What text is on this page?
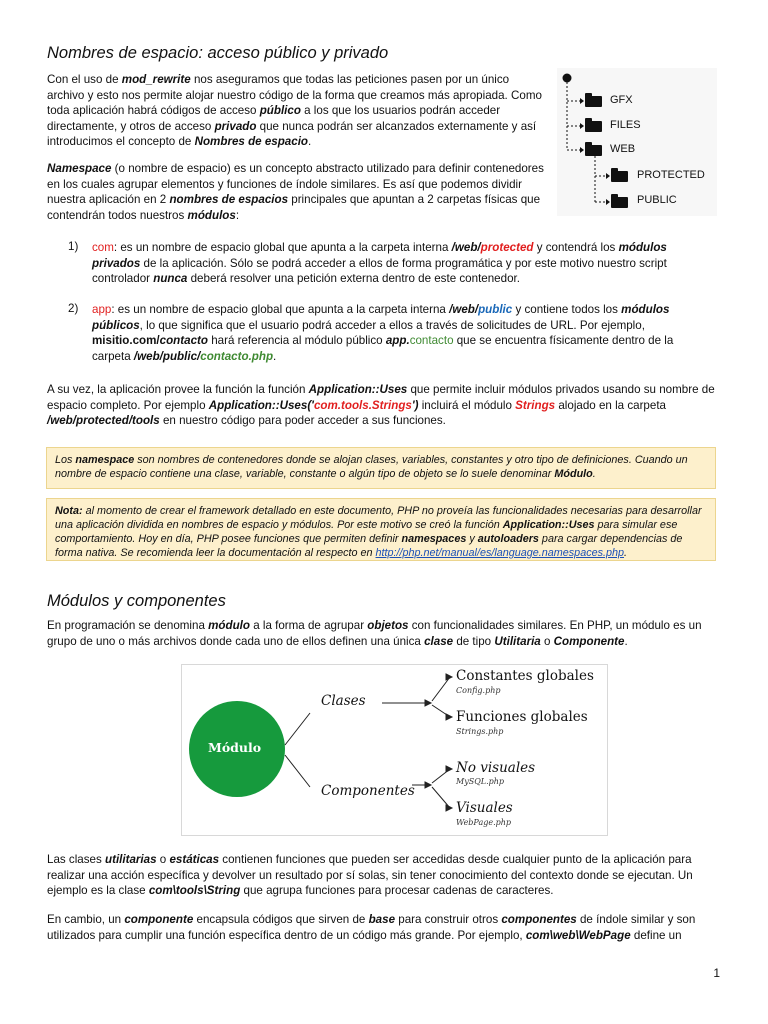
Nombres de espacio: acceso público y privado

Con el uso de mod_rewrite nos aseguramos que todas las peticiones pasen por un único archivo y esto nos permite alojar nuestro código de la forma que creamos más apropiada. Como toda aplicación habrá códigos de acceso público a los que los usuarios podrán acceder directamente, y otros de acceso privado que nunca podrán ser alcanzados externamente y así introducimos el concepto de Nombres de espacio.

Namespace (o nombre de espacio) es un concepto abstracto utilizado para definir contenedores en los cuales agrupar elementos y funciones de índole similares. Es así que podemos dividir nuestra aplicación en 2 nombres de espacios principales que apuntan a 2 carpetas físicas que contendrán todos nuestros módulos:

GFX
FILES
WEB
PROTECTED
PUBLIC
1) com: es un nombre de espacio global que apunta a la carpeta interna /web/protected y contendrá los módulos privados de la aplicación. Sólo se podrá acceder a ellos de forma programática y por este motivo nuestro script controlador nunca deberá resolver una petición externa dentro de este contenedor.

2) app: es un nombre de espacio global que apunta a la carpeta interna /web/public y contiene todos los módulos públicos, lo que significa que el usuario podrá acceder a ellos a través de solicitudes de URL. Por ejemplo, misitio.com/contacto hará referencia al módulo público app.contacto que se encuentra físicamente dentro de la carpeta /web/public/contacto.php.

A su vez, la aplicación provee la función la función Application::Uses que permite incluir módulos privados usando su nombre de espacio completo. Por ejemplo Application::Uses('com.tools.Strings') incluirá el módulo Strings alojado en la carpeta /web/protected/tools en nuestro código para poder acceder a sus funciones.

Los namespace son nombres de contenedores donde se alojan clases, variables, constantes y otro tipo de definiciones. Cuando un nombre de espacio contiene una clase, variable, constante o algún tipo de objeto se lo suele denominar Módulo.
Nota: al momento de crear el framework detallado en este documento, PHP no proveía las funcionalidades necesarias para desarrollar una aplicación dividida en nombres de espacio y módulos. Por este motivo se creó la función Application::Uses para simular ese comportamiento. Hoy en día, PHP posee funciones que permiten definir namespaces y autoloaders para cargar dependencias de forma nativa. Se recomienda leer la documentación al respecto en http://php.net/manual/es/language.namespaces.php.
Módulos y componentes

En programación se denomina módulo a la forma de agrupar objetos con funcionalidades similares. En PHP, un módulo es un grupo de uno o más archivos donde cada uno de ellos definen una única clase de tipo Utilitaria o Componente.

Módulo
Clases
Componentes
Constantes globales
Config.php
Funciones globales
Strings.php
No visuales
MySQL.php
Visuales
WebPage.php

Las clases utilitarias o estáticas contienen funciones que pueden ser accedidas desde cualquier punto de la aplicación para realizar una acción específica y devolver un resultado por sí solas, sin tener conocimiento del contexto donde se ejecutan. Un ejemplo es la clase com\tools\String que agrupa funciones para procesar cadenas de caracteres.

En cambio, un componente encapsula códigos que sirven de base para construir otros componentes de índole similar y son utilizados para cumplir una función específica dentro de un código más grande. Por ejemplo, com\web\WebPage define un

1
